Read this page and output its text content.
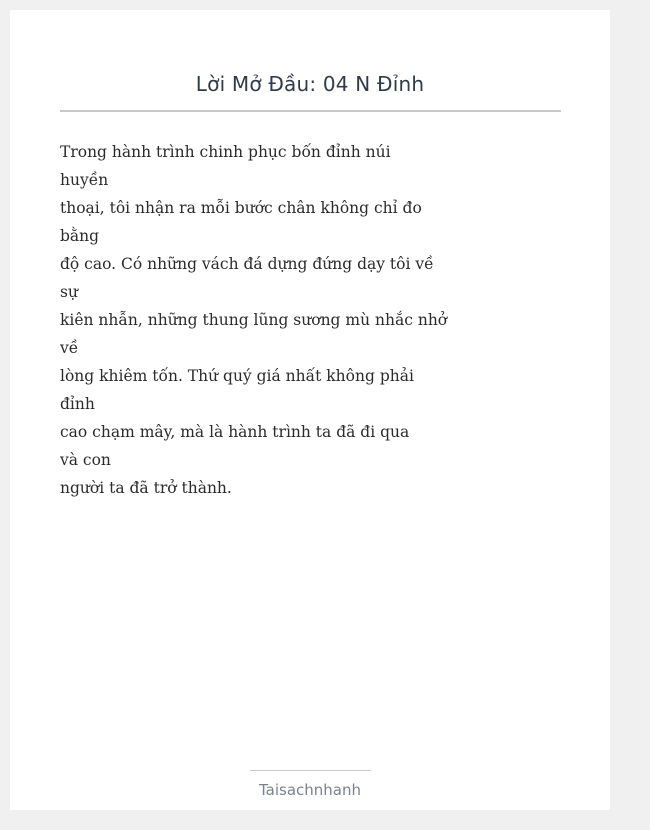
Lời Mở Đầu: 04 N Đỉnh
Trong hành trình chinh phục bốn đỉnh núi
huyền
thoại, tôi nhận ra mỗi bước chân không chỉ đo
bằng
độ cao. Có những vách đá dựng đứng dạy tôi về
sự
kiên nhẫn, những thung lũng sương mù nhắc nhở
về
lòng khiêm tốn. Thứ quý giá nhất không phải
đỉnh
cao chạm mây, mà là hành trình ta đã đi qua
và con
người ta đã trở thành.
Taisachnhanh
